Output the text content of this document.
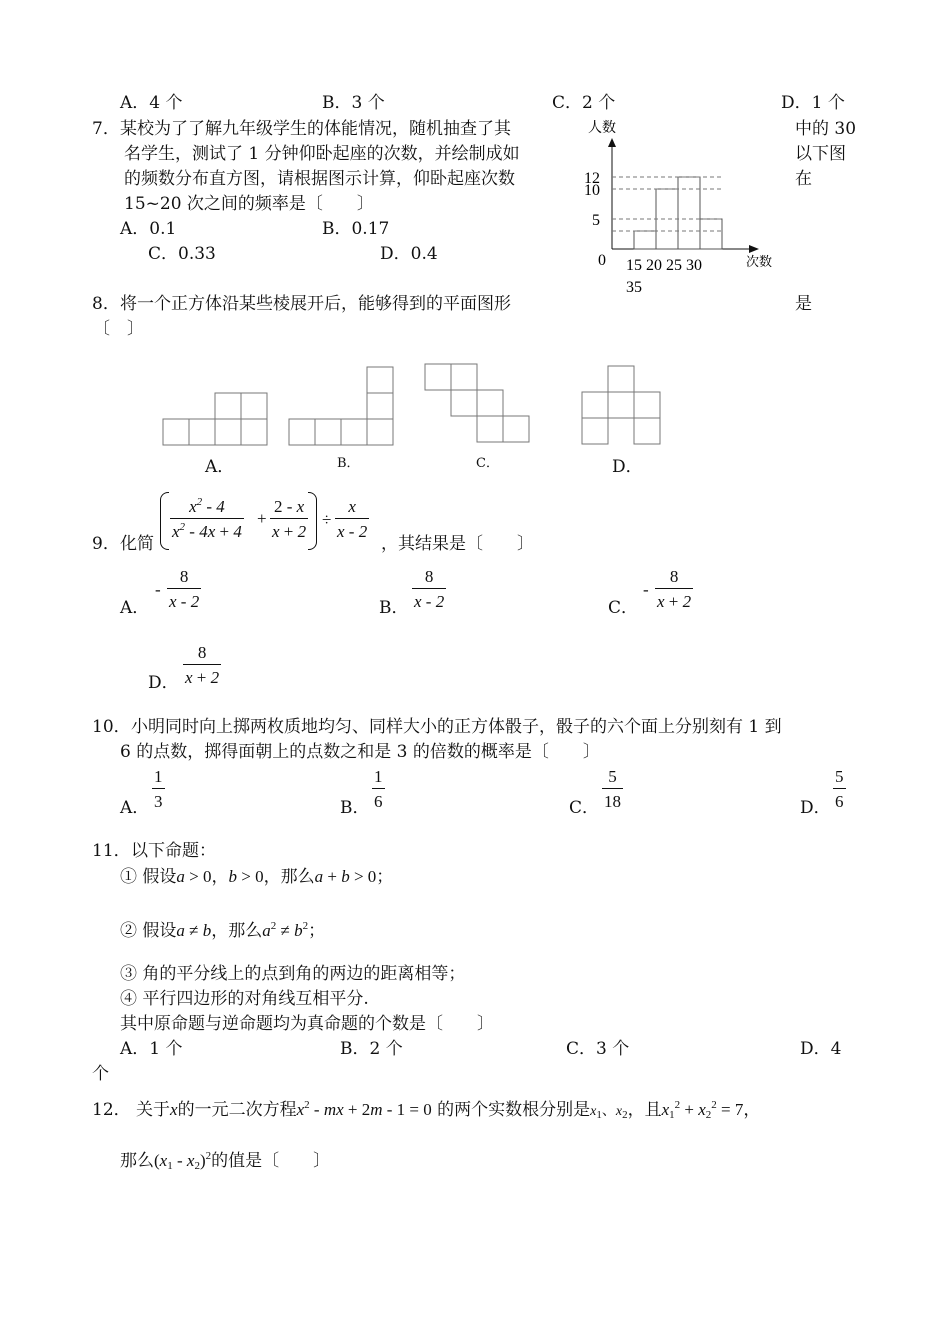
A．4 个	B．3 个	C．2 个	D．1 个
7． 某校为了了解九年级学生的体能情况，随机抽查了其	中的 30
名学生，测试了 1 分钟仰卧起座的次数，并绘制成如	以下图
的频数分布直方图，请根据图示计算，仰卧起座次数	在
15~20 次之间的频率是〔　　〕
A．0.1	B．0.17
C．0.33	D．0.4
人数
次数
0 15 20 25 30
35
5
10
12
8． 将一个正方体沿某些棱展开后，能够得到的平面图形	是
〔　〕
A．	B．	C．	D．
9． 化简
$x^2 - 4$
$x^2 - 4x + 4$
+
2 - x
x + 2
÷
x
x - 2
，其结果是〔　　〕
A．
-
8
x - 2	B．
8
x - 2	C．
-
8
x + 2
D．
8
x + 2
10． 小明同时向上掷两枚质地均匀、同样大小的正方体骰子，骰子的六个面上分别刻有 1 到
6 的点数，掷得面朝上的点数之和是 3 的倍数的概率是〔　　〕
A．
1
3	B．
1
6	C．
5
18	D．
5
6
11． 以下命题：
① 假设a > 0，b > 0，那么a + b > 0；
② 假设a ≠ b，那么$a^2 \ne b^2$；
③ 角的平分线上的点到角的两边的距离相等；
④ 平行四边形的对角线互相平分.
其中原命题与逆命题均为真命题的个数是〔　　〕
A．1 个	B．2 个	C．3 个	D．4
个
12． 关于x的一元二次方程$x^2$ - mx + 2m - 1 = 0 的两个实数根分别是$x_1$、$x_2$，且$x_1^2 + x_2^2 = 7$，
那么$(x_1 - x_2)^2$的值是〔　　〕
